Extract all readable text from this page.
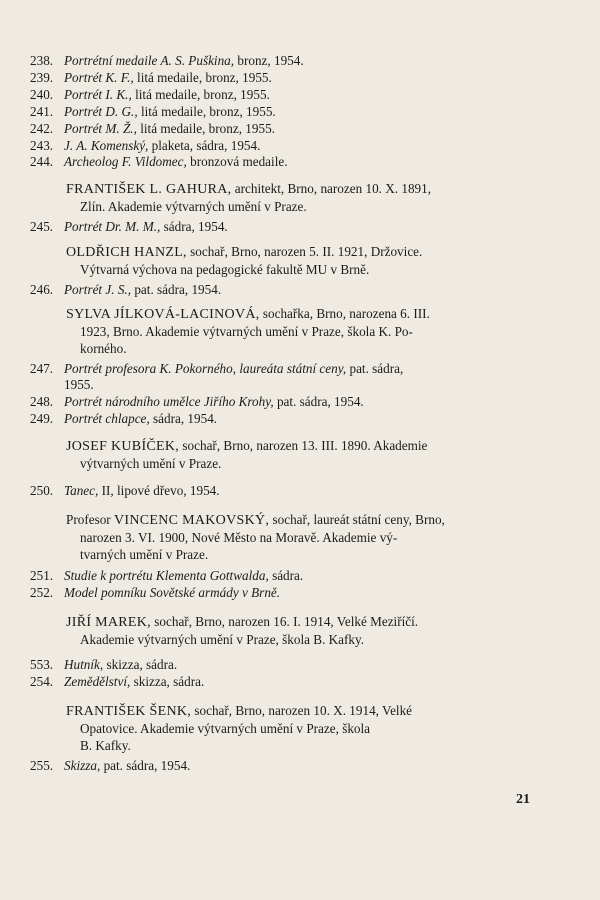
238. Portrétní medaile A. S. Puškina, bronz, 1954.
239. Portrét K. F., litá medaile, bronz, 1955.
240. Portrét I. K., litá medaile, bronz, 1955.
241. Portrét D. G., litá medaile, bronz, 1955.
242. Portrét M. Ž., litá medaile, bronz, 1955.
243. J. A. Komenský, plaketa, sádra, 1954.
244. Archeolog F. Vildomec, bronzová medaile.
FRANTIŠEK L. GAHURA, architekt, Brno, narozen 10. X. 1891,
Zlín. Akademie výtvarných umění v Praze.
245. Portrét Dr. M. M., sádra, 1954.
OLDŘICH HANZL, sochař, Brno, narozen 5. II. 1921, Držovice.
Výtvarná výchova na pedagogické fakultě MU v Brně.
246. Portrét J. S., pat. sádra, 1954.
SYLVA JÍLKOVÁ-LACINOVÁ, sochařka, Brno, narozena 6. III.
1923, Brno. Akademie výtvarných umění v Praze, škola K. Po-
korného.
247. Portrét profesora K. Pokorného, laureáta státní ceny, pat. sádra,
1955.
248. Portrét národního umělce Jiřího Krohy, pat. sádra, 1954.
249. Portrét chlapce, sádra, 1954.
JOSEF KUBÍČEK, sochař, Brno, narozen 13. III. 1890. Akademie
výtvarných umění v Praze.
250. Tanec, II, lipové dřevo, 1954.
Profesor VINCENC MAKOVSKÝ, sochař, laureát státní ceny, Brno,
narozen 3. VI. 1900, Nové Město na Moravě. Akademie vý-
tvarných umění v Praze.
251. Studie k portrétu Klementa Gottwalda, sádra.
252. Model pomníku Sovětské armády v Brně.
JIŘÍ MAREK, sochař, Brno, narozen 16. I. 1914, Velké Meziříčí.
Akademie výtvarných umění v Praze, škola B. Kafky.
553. Hutník, skizza, sádra.
254. Zemědělství, skizza, sádra.
FRANTIŠEK ŠENK, sochař, Brno, narozen 10. X. 1914, Velké
Opatovice. Akademie výtvarných umění v Praze, škola
B. Kafky.
255. Skizza, pat. sádra, 1954.
21
